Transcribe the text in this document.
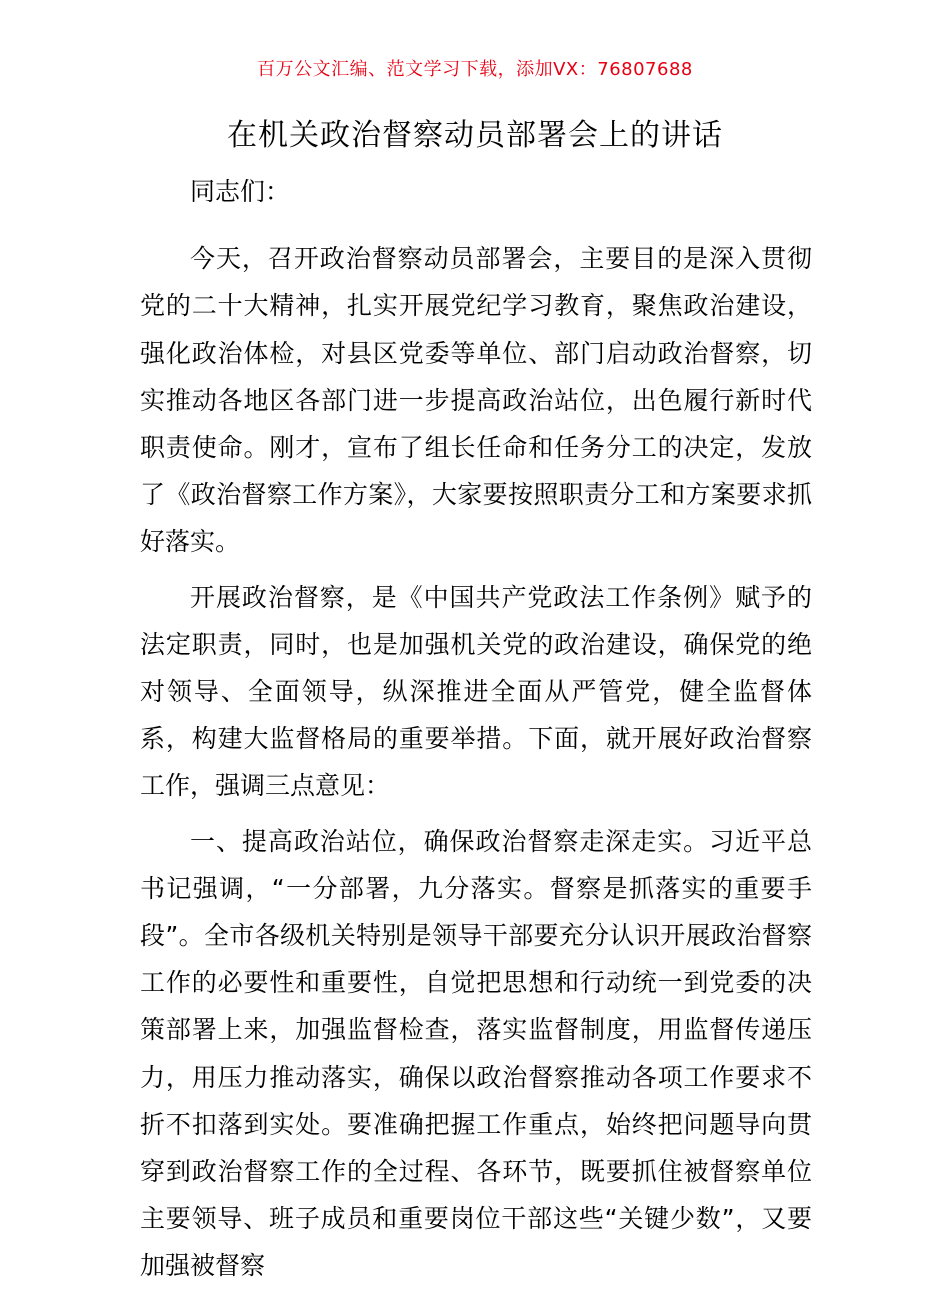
百万公文汇编、范文学习下载，添加VX：76807688
在机关政治督察动员部署会上的讲话

同志们：

今天，召开政治督察动员部署会，主要目的是深入贯彻党的二十大精神，扎实开展党纪学习教育，聚焦政治建设，强化政治体检，对县区党委等单位、部门启动政治督察，切实推动各地区各部门进一步提高政治站位，出色履行新时代职责使命。刚才，宣布了组长任命和任务分工的决定，发放了《政治督察工作方案》，大家要按照职责分工和方案要求抓好落实。

开展政治督察，是《中国共产党政法工作条例》赋予的法定职责，同时，也是加强机关党的政治建设，确保党的绝对领导、全面领导，纵深推进全面从严管党，健全监督体系，构建大监督格局的重要举措。下面，就开展好政治督察工作，强调三点意见：

一、提高政治站位，确保政治督察走深走实。习近平总书记强调，“一分部署，九分落实。督察是抓落实的重要手段”。全市各级机关特别是领导干部要充分认识开展政治督察工作的必要性和重要性，自觉把思想和行动统一到党委的决策部署上来，加强监督检查，落实监督制度，用监督传递压力，用压力推动落实，确保以政治督察推动各项工作要求不折不扣落到实处。要准确把握工作重点，始终把问题导向贯穿到政治督察工作的全过程、各环节，既要抓住被督察单位主要领导、班子成员和重要岗位干部这些“关键少数”，又要加强被督察
